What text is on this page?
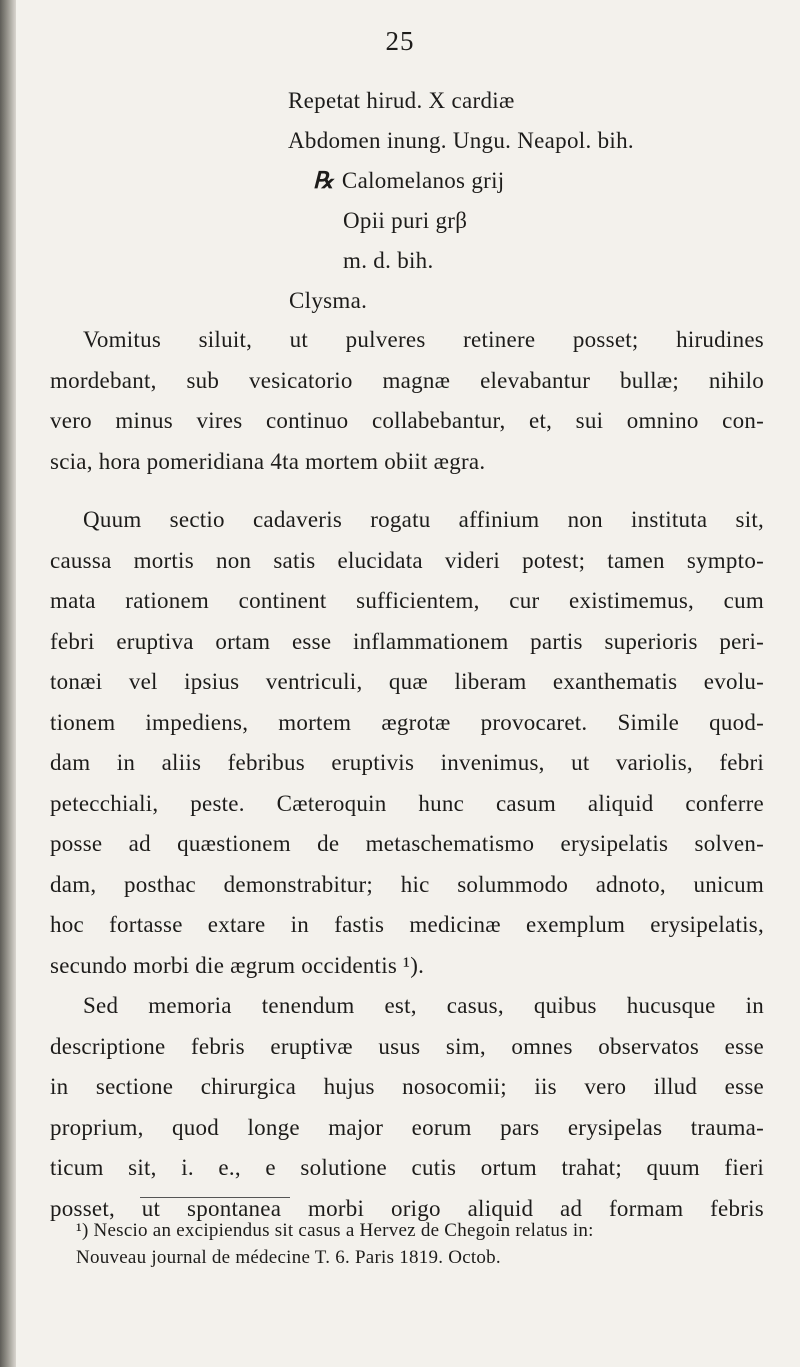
25
Repetat hirud. X cardiæ
Abdomen inung. Ungu. Neapol. bih.
℞ Calomelanos grij
Opii puri grβ
m. d. bih.
Clysma.
Vomitus siluit, ut pulveres retinere posset; hirudines
mordebant, sub vesicatorio magnæ elevabantur bullæ; nihilo
vero minus vires continuo collabebantur, et, sui omnino con-
scia, hora pomeridiana 4ta mortem obiit ægra.
Quum sectio cadaveris rogatu affinium non instituta sit,
caussa mortis non satis elucidata videri potest; tamen sympto-
mata rationem continent sufficientem, cur existimemus, cum
febri eruptiva ortam esse inflammationem partis superioris peri-
tonæi vel ipsius ventriculi, quæ liberam exanthematis evolu-
tionem impediens, mortem ægrotæ provocaret. Simile quod-
dam in aliis febribus eruptivis invenimus, ut variolis, febri
petecchiali, peste. Cæteroquin hunc casum aliquid conferre
posse ad quæstionem de metaschematismo erysipelatis solven-
dam, posthac demonstrabitur; hic solummodo adnoto, unicum
hoc fortasse extare in fastis medicinæ exemplum erysipelatis,
secundo morbi die ægrum occidentis ¹).
Sed memoria tenendum est, casus, quibus hucusque in
descriptione febris eruptivæ usus sim, omnes observatos esse
in sectione chirurgica hujus nosocomii; iis vero illud esse
proprium, quod longe major eorum pars erysipelas trauma-
ticum sit, i. e., e solutione cutis ortum trahat; quum fieri
posset, ut spontanea morbi origo aliquid ad formam febris
¹) Nescio an excipiendus sit casus a Hervez de Chegoin relatus in:
Nouveau journal de médecine T. 6. Paris 1819. Octob.
